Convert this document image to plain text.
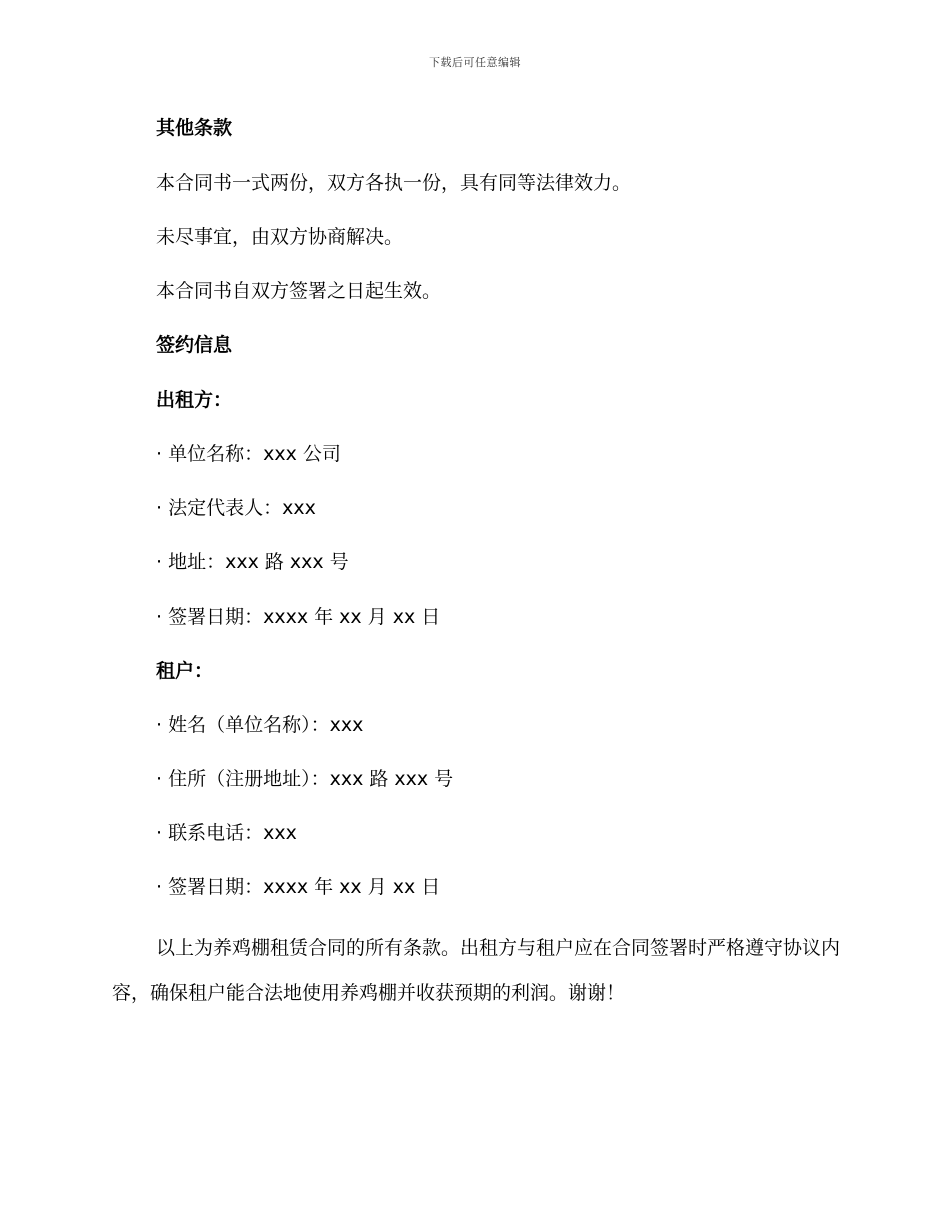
下载后可任意编辑
其他条款
本合同书一式两份，双方各执一份，具有同等法律效力。
未尽事宜，由双方协商解决。
本合同书自双方签署之日起生效。
签约信息
出租方：
· 单位名称：xxx 公司
· 法定代表人：xxx
· 地址：xxx 路 xxx 号
· 签署日期：xxxx 年 xx 月 xx 日
租户：
· 姓名（单位名称）：xxx
· 住所（注册地址）：xxx 路 xxx 号
· 联系电话：xxx
· 签署日期：xxxx 年 xx 月 xx 日
以上为养鸡棚租赁合同的所有条款。出租方与租户应在合同签署时严格遵守协议内容，确保租户能合法地使用养鸡棚并收获预期的利润。谢谢！
